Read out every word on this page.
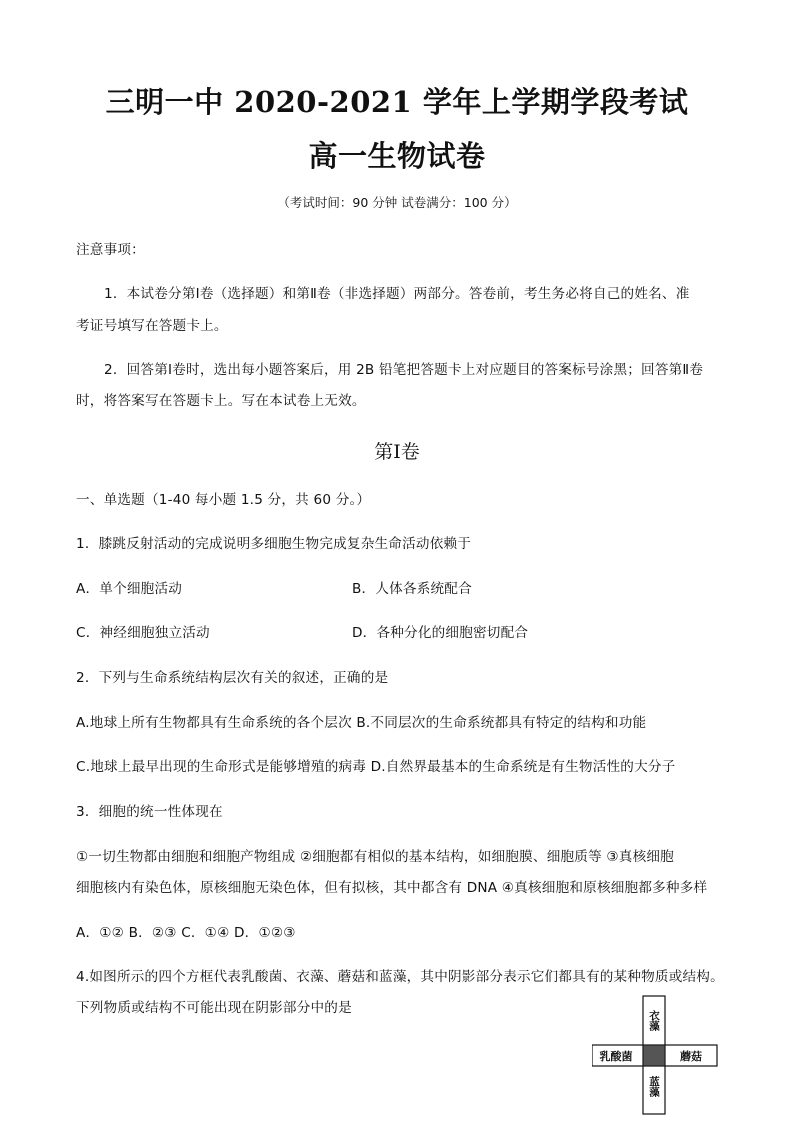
三明一中 2020-2021 学年上学期学段考试
高一生物试卷
（考试时间：90 分钟 试卷满分：100 分）
注意事项：
1．本试卷分第Ⅰ卷（选择题）和第Ⅱ卷（非选择题）两部分。答卷前，考生务必将自己的姓名、准
考证号填写在答题卡上。
2．回答第Ⅰ卷时，选出每小题答案后，用 2B 铅笔把答题卡上对应题目的答案标号涂黑；回答第Ⅱ卷
时，将答案写在答题卡上。写在本试卷上无效。
第Ⅰ卷
一、单选题（1-40 每小题 1.5 分，共 60 分。）
1．膝跳反射活动的完成说明多细胞生物完成复杂生命活动依赖于
A．单个细胞活动	B．人体各系统配合
C．神经细胞独立活动	D．各种分化的细胞密切配合
2．下列与生命系统结构层次有关的叙述，正确的是
A.地球上所有生物都具有生命系统的各个层次 B.不同层次的生命系统都具有特定的结构和功能
C.地球上最早出现的生命形式是能够增殖的病毒 D.自然界最基本的生命系统是有生物活性的大分子
3．细胞的统一性体现在
①一切生物都由细胞和细胞产物组成 ②细胞都有相似的基本结构，如细胞膜、细胞质等 ③真核细胞
细胞核内有染色体，原核细胞无染色体，但有拟核，其中都含有 DNA ④真核细胞和原核细胞都多种多样
A．①② B．②③ C．①④ D．①②③
4.如图所示的四个方框代表乳酸菌、衣藻、蘑菇和蓝藻，其中阴影部分表示它们都具有的某种物质或结构。
下列物质或结构不可能出现在阴影部分中的是
衣藻
乳酸菌	蘑菇
蓝藻
